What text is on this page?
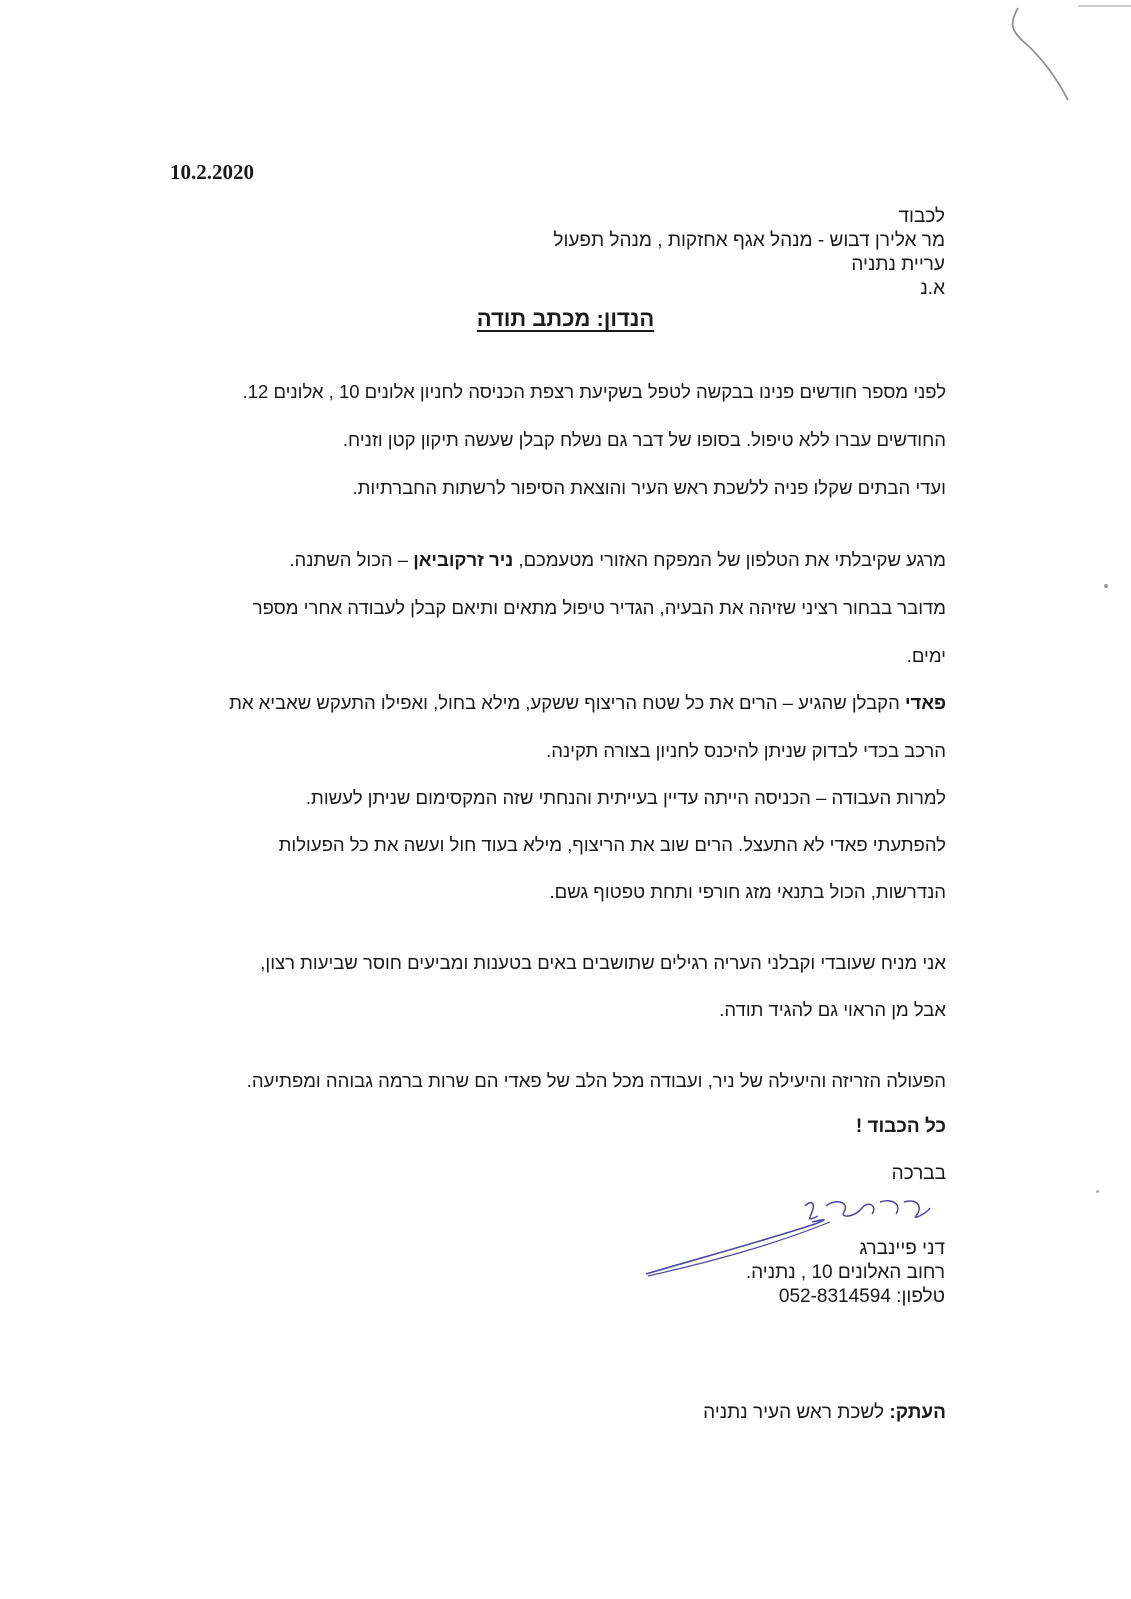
10.2.2020
לכבוד
מר אלירן דבוש - מנהל אגף אחזקות , מנהל תפעול
עריית נתניה
א.נ
הנדון: מכתב תודה
לפני מספר חודשים פנינו בבקשה לטפל בשקיעת רצפת הכניסה לחניון אלונים 10 , אלונים 12.
החודשים עברו ללא טיפול. בסופו של דבר גם נשלח קבלן שעשה תיקון קטן וזניח.
ועדי הבתים שקלו פניה ללשכת ראש העיר והוצאת הסיפור לרשתות החברתיות.
מרגע שקיבלתי את הטלפון של המפקח האזורי מטעמכם, ניר זרקוביאן – הכול השתנה.
מדובר בבחור רציני שזיהה את הבעיה, הגדיר טיפול מתאים ותיאם קבלן לעבודה אחרי מספר
ימים.
פאדי הקבלן שהגיע – הרים את כל שטח הריצוף ששקע, מילא בחול, ואפילו התעקש שאביא את
הרכב בכדי לבדוק שניתן להיכנס לחניון בצורה תקינה.
למרות העבודה – הכניסה הייתה עדיין בעייתית והנחתי שזה המקסימום שניתן לעשות.
להפתעתי פאדי לא התעצל. הרים שוב את הריצוף, מילא בעוד חול ועשה את כל הפעולות
הנדרשות, הכול בתנאי מזג חורפי ותחת טפטוף גשם.
אני מניח שעובדי וקבלני העריה רגילים שתושבים באים בטענות ומביעים חוסר שביעות רצון,
אבל מן הראוי גם להגיד תודה.
הפעולה הזריזה והיעילה של ניר, ועבודה מכל הלב של פאדי הם שרות ברמה גבוהה ומפתיעה.
כל הכבוד !
בברכה
דני פיינברג
רחוב האלונים 10 , נתניה.
טלפון: 052-8314594
העתק: לשכת ראש העיר נתניה
